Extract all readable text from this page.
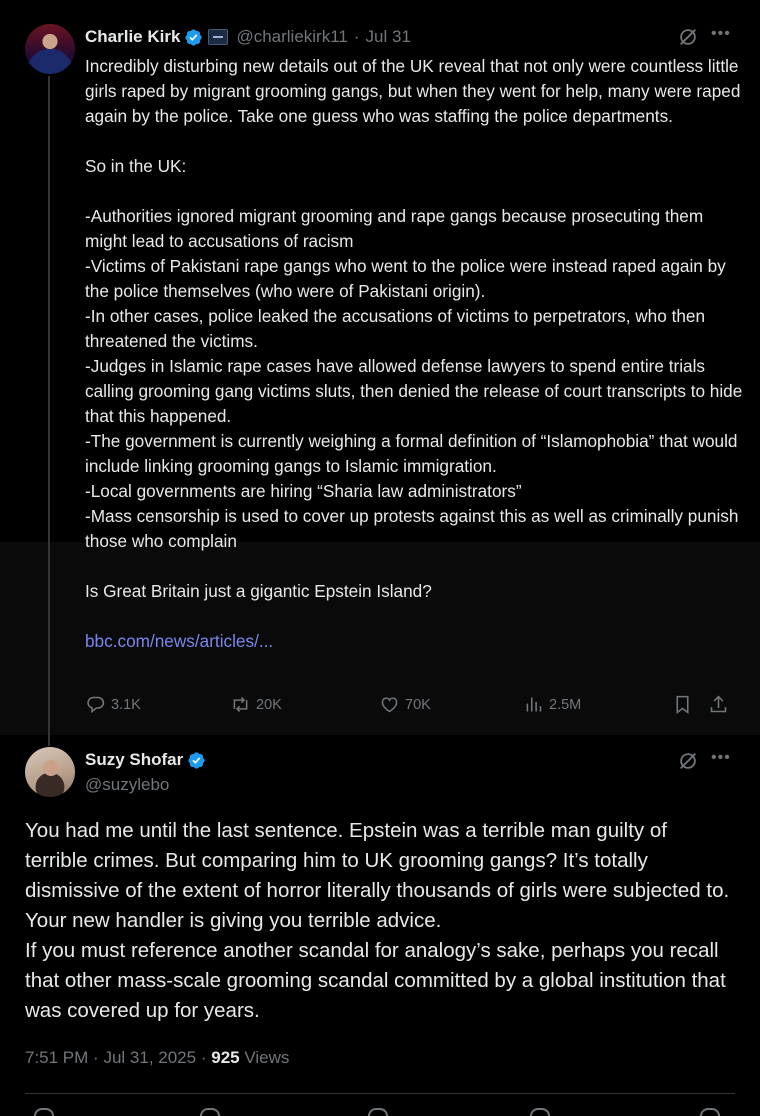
Charlie Kirk	@charliekirk11 · Jul 31	•••

Incredibly disturbing new details out of the UK reveal that not only were countless little girls raped by migrant grooming gangs, but when they went for help, many were raped again by the police. Take one guess who was staffing the police departments.

So in the UK:

-Authorities ignored migrant grooming and rape gangs because prosecuting them might lead to accusations of racism
-Victims of Pakistani rape gangs who went to the police were instead raped again by the police themselves (who were of Pakistani origin).
-In other cases, police leaked the accusations of victims to perpetrators, who then threatened the victims.
-Judges in Islamic rape cases have allowed defense lawyers to spend entire trials calling grooming gang victims sluts, then denied the release of court transcripts to hide that this happened.
-The government is currently weighing a formal definition of “Islamophobia” that would include linking grooming gangs to Islamic immigration.
-Local governments are hiring “Sharia law administrators”
-Mass censorship is used to cover up protests against this as well as criminally punish those who complain

Is Great Britain just a gigantic Epstein Island?

bbc.com/news/articles/...

3.1K	20K	70K	2.5M
Suzy Shofar
@suzylebo
•••

You had me until the last sentence. Epstein was a terrible man guilty of terrible crimes. But comparing him to UK grooming gangs? It’s totally dismissive of the extent of horror literally thousands of girls were subjected to. Your new handler is giving you terrible advice.
If you must reference another scandal for analogy’s sake, perhaps you recall that other mass-scale grooming scandal committed by a global institution that was covered up for years.

7:51 PM · Jul 31, 2025 · 925 Views
